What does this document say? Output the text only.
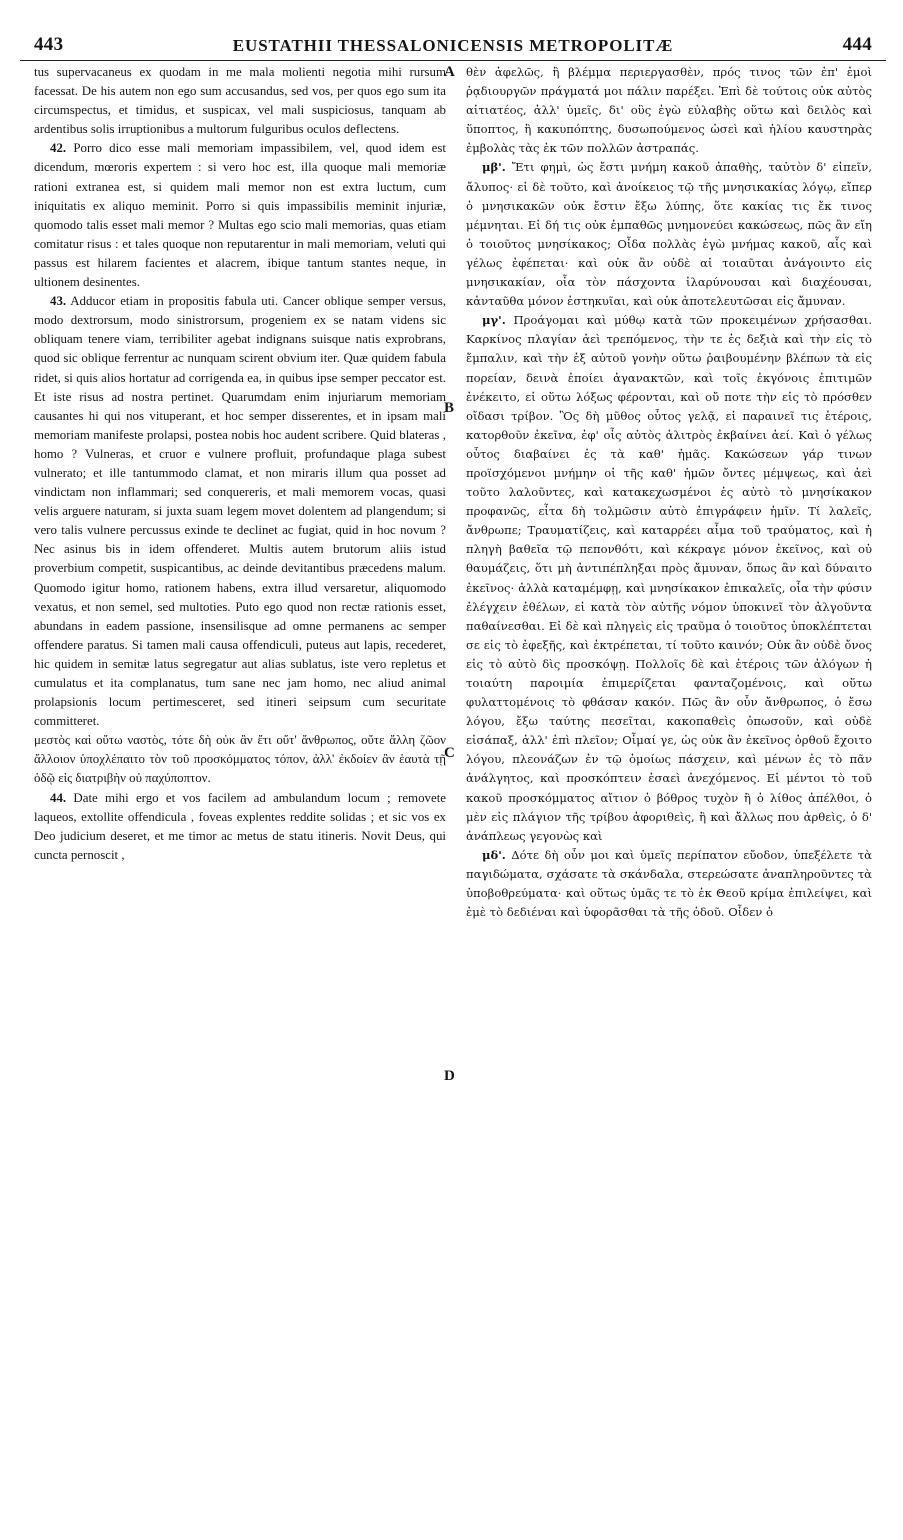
443	EUSTATHII THESSALONICENSIS METROPOLITÆ	444
A
B
C
D

tus supervacaneus ex quodam in me mala molienti negotia mihi rursum facessat. De his autem non ego sum accusandus, sed vos, per quos ego sum ita circumspectus, et timidus, et suspicax, vel mali suspiciosus, tanquam ab ardentibus solis irruptionibus a multorum fulguribus oculos deflectens.

42. Porro dico esse mali memoriam impassibilem, vel, quod idem est dicendum, mœroris expertem : si vero hoc est, illa quoque mali memoriæ rationi extranea est, si quidem mali memor non est extra luctum, cum iniquitatis ex aliquo meminit. Porro si quis impassibilis meminit injuriæ, quomodo talis esset mali memor ? Multas ego scio mali memorias, quas etiam comitatur risus : et tales quoque non reputarentur in mali memoriam, veluti qui passus est hilarem facientes et alacrem, ibique tantum stantes neque, in ultionem desinentes.

43. Adducor etiam in propositis fabula uti. Cancer oblique semper versus, modo dextrorsum, modo sinistrorsum, progeniem ex se natam videns sic obliquam tenere viam, terribiliter agebat indignans suisque natis exprobrans, quod sic oblique ferrentur ac nunquam scirent obvium iter. Quæ quidem fabula ridet, si quis alios hortatur ad corrigenda ea, in quibus ipse semper peccator est. Et iste risus ad nostra pertinet. Quarumdam enim injuriarum memoriam causantes hi qui nos vituperant, et hoc semper disserentes, et in ipsam mali memoriam manifeste prolapsi, postea nobis hoc audent scribere. Quid blateras , homo ? Vulneras, et cruor e vulnere profluit, profundaque plaga subest vulnerato; et ille tantummodo clamat, et non miraris illum qua posset ad vindictam non inflammari; sed conquereris, et mali memorem vocas, quasi velis arguere naturam, si juxta suam legem movet dolentem ad plangendum; si vero talis vulnere percussus exinde te declinet ac fugiat, quid in hoc novum ? Nec asinus bis in idem offenderet. Multis autem brutorum aliis istud proverbium competit, suspicantibus, ac deinde devitantibus præcedens malum. Quomodo igitur homo, rationem habens, extra illud versaretur, aliquomodo vexatus, et non semel, sed multoties. Puto ego quod non rectæ rationis esset, abundans in eadem passione, insensilisque ad omne permanens ac semper offendere paratus. Si tamen mali causa offendiculi, puteus aut lapis, recederet, hic quidem in semitæ latus segregatur aut alias sublatus, iste vero repletus et cumulatus et ita complanatus, tum sane nec jam homo, nec aliud animal prolapsionis locum pertimesceret, sed itineri seipsum cum securitate committeret.

μεστὸς καὶ οὕτω ναστὸς, τότε δὴ οὐκ ἂν ἔτι οὔτ' ἄνθρωπος, οὔτε ἄλλη ζῶον ἄλλοιον ὑποχλέπαιτο τὸν τοῦ προσκόμματος τόπον, ἀλλ' ἐκδοίεν ἂν ἑαυτὰ τῇ ὁδῷ εἰς διατριβὴν οὐ παχύποπτον.

44. Date mihi ergo et vos facilem ad ambulandum locum ; removete laqueos, extollite offendicula , foveas explentes reddite solidas ; et sic vos ex Deo judicium deseret, et me timor ac metus de statu itineris. Novit Deus, qui cuncta pernoscit ,

θὲν ἀφελῶς, ἢ βλέμμα περιεργασθὲν, πρός τινος τῶν ἐπ' ἐμοὶ ῥᾳδιουργῶν πράγματά μοι πάλιν παρέξει. Ἐπὶ δὲ τούτοις οὐκ αὐτὸς αἰτιατέος, ἀλλ' ὑμεῖς, δι' οὓς ἐγὼ εὐλαβὴς οὕτω καὶ δειλὸς καὶ ὕποπτος, ἢ κακυπόπτης, δυσωπούμενος ὡσεὶ καὶ ἡλίου καυστηρὰς ἐμβολὰς τὰς ἐκ τῶν πολλῶν ἀστραπάς.

μβ'. Ἔτι φημὶ, ὡς ἔστι μνήμη κακοῦ ἀπαθὴς, ταὐτὸν δ' εἰπεῖν, ἄλυπος· εἰ δὲ τοῦτο, καὶ ἀνοίκειος τῷ τῆς μνησικακίας λόγῳ, εἴπερ ὁ μνησικακῶν οὐκ ἔστιν ἔξω λύπης, ὅτε κακίας τις ἔκ τινος μέμνηται. Εἰ δή τις οὐκ ἐμπαθῶς μνημονεύει κακώσεως, πῶς ἂν εἴη ὁ τοιοῦτος μνησίκακος; Οἶδα πολλὰς ἐγὼ μνήμας κακοῦ, αἷς καὶ γέλως ἐφέπεται· καὶ οὐκ ἂν οὐδὲ αἱ τοιαῦται ἀνάγοιντο εἰς μνησικακίαν, οἷα τὸν πάσχοντα ἱλαρύνουσαι καὶ διαχέουσαι, κἀνταῦθα μόνον ἑστηκυῖαι, καὶ οὐκ ἀποτελευτῶσαι εἰς ἄμυναν.

μγ'. Προάγομαι καὶ μύθῳ κατὰ τῶν προκειμένων χρήσασθαι. Καρκίνος πλαγίαν ἀεὶ τρεπόμενος, τὴν τε ἐς δεξιὰ καὶ τὴν εἰς τὸ ἔμπαλιν, καὶ τὴν ἐξ αὐτοῦ γονὴν οὕτω ῥαιβουμένην βλέπων τὰ εἰς πορείαν, δεινὰ ἐποίει ἀγανακτῶν, καὶ τοῖς ἐκγόνοις ἐπιτιμῶν ἐνέκειτο, εἰ οὕτω λόξως φέρονται, καὶ οὔ ποτε τὴν εἰς τὸ πρόσθεν οἴδασι τρίβον. Ὃς δὴ μῦθος οὗτος γελᾷ, εἰ παραινεῖ τις ἑτέροις, κατορθοῦν ἐκεῖνα, ἐφ' οἷς αὐτὸς ἀλιτρὸς ἐκβαίνει ἀεί. Καὶ ὁ γέλως οὗτος διαβαίνει ἐς τὰ καθ' ἡμᾶς. Κακώσεων γάρ τινων προϊσχόμενοι μνήμην οἱ τῆς καθ' ἡμῶν ὄντες μέμψεως, καὶ ἀεὶ τοῦτο λαλοῦντες, καὶ κατακεχωσμένοι ἐς αὐτὸ τὸ μνησίκακον προφανῶς, εἶτα δὴ τολμῶσιν αὐτὸ ἐπιγράφειν ἡμῖν. Τί λαλεῖς, ἄνθρωπε; Τραυματίζεις, καὶ καταρρέει αἷμα τοῦ τραύματος, καὶ ἡ πληγὴ βαθεῖα τῷ πεπονθότι, καὶ κέκραγε μόνον ἐκεῖνος, καὶ οὐ θαυμάζεις, ὅτι μὴ ἀντιπέπληξαι πρὸς ἄμυναν, ὅπως ἂν καὶ δύναιτο ἐκεῖνος· ἀλλὰ καταμέμφῃ, καὶ μνησίκακον ἐπικαλεῖς, οἷα τὴν φύσιν ἐλέγχειν ἐθέλων, εἰ κατὰ τὸν αὐτῆς νόμον ὑποκινεῖ τὸν ἀλγοῦντα παθαίνεσθαι. Εἰ δὲ καὶ πληγεὶς εἰς τραῦμα ὁ τοιοῦτος ὑποκλέπτεται σε εἰς τὸ ἐφεξῆς, καὶ ἐκτρέπεται, τί τοῦτο καινόν; Οὐκ ἂν οὐδὲ ὄνος εἰς τὸ αὐτὸ δὶς προσκόψῃ. Πολλοῖς δὲ καὶ ἑτέροις τῶν ἀλόγων ἡ τοιαύτη παροιμία ἐπιμερίζεται φανταζομένοις, καὶ οὕτω φυλαττομένοις τὸ φθάσαν κακόν. Πῶς ἂν οὖν ἄνθρωπος, ὁ ἔσω λόγου, ἔξω ταύτης πεσεῖται, κακοπαθεὶς ὁπωσοῦν, καὶ οὐδὲ εἰσάπαξ, ἀλλ' ἐπὶ πλεῖον; Οἶμαί γε, ὡς οὐκ ἂν ἐκεῖνος ὀρθοῦ ἔχοιτο λόγου, πλεονάζων ἐν τῷ ὁμοίως πάσχειν, καὶ μένων ἐς τὸ πᾶν ἀνάλγητος, καὶ προσκόπτειν ἑσαεὶ ἀνεχόμενος. Εἰ μέντοι τὸ τοῦ κακοῦ προσκόμματος αἴτιον ὁ βόθρος τυχὸν ἢ ὁ λίθος ἀπέλθοι, ὁ μὲν εἰς πλάγιον τῆς τρίβου ἀφοριθεὶς, ἢ καὶ ἄλλως που ἀρθεὶς, ὁ δ' ἀνάπλεως γεγονὼς καὶ

μδ'. Δότε δὴ οὖν μοι καὶ ὑμεῖς περίπατον εὔοδον, ὑπεξέλετε τὰ παγιδώματα, σχάσατε τὰ σκάνδαλα, στερεώσατε ἀναπληροῦντες τὰ ὑποβοθρεύματα· καὶ οὕτως ὑμᾶς τε τὸ ἐκ Θεοῦ κρίμα ἐπιλείψει, καὶ ἐμὲ τὸ δεδιέναι καὶ ὑφορᾶσθαι τὰ τῆς ὁδοῦ. Οἶδεν ὁ
